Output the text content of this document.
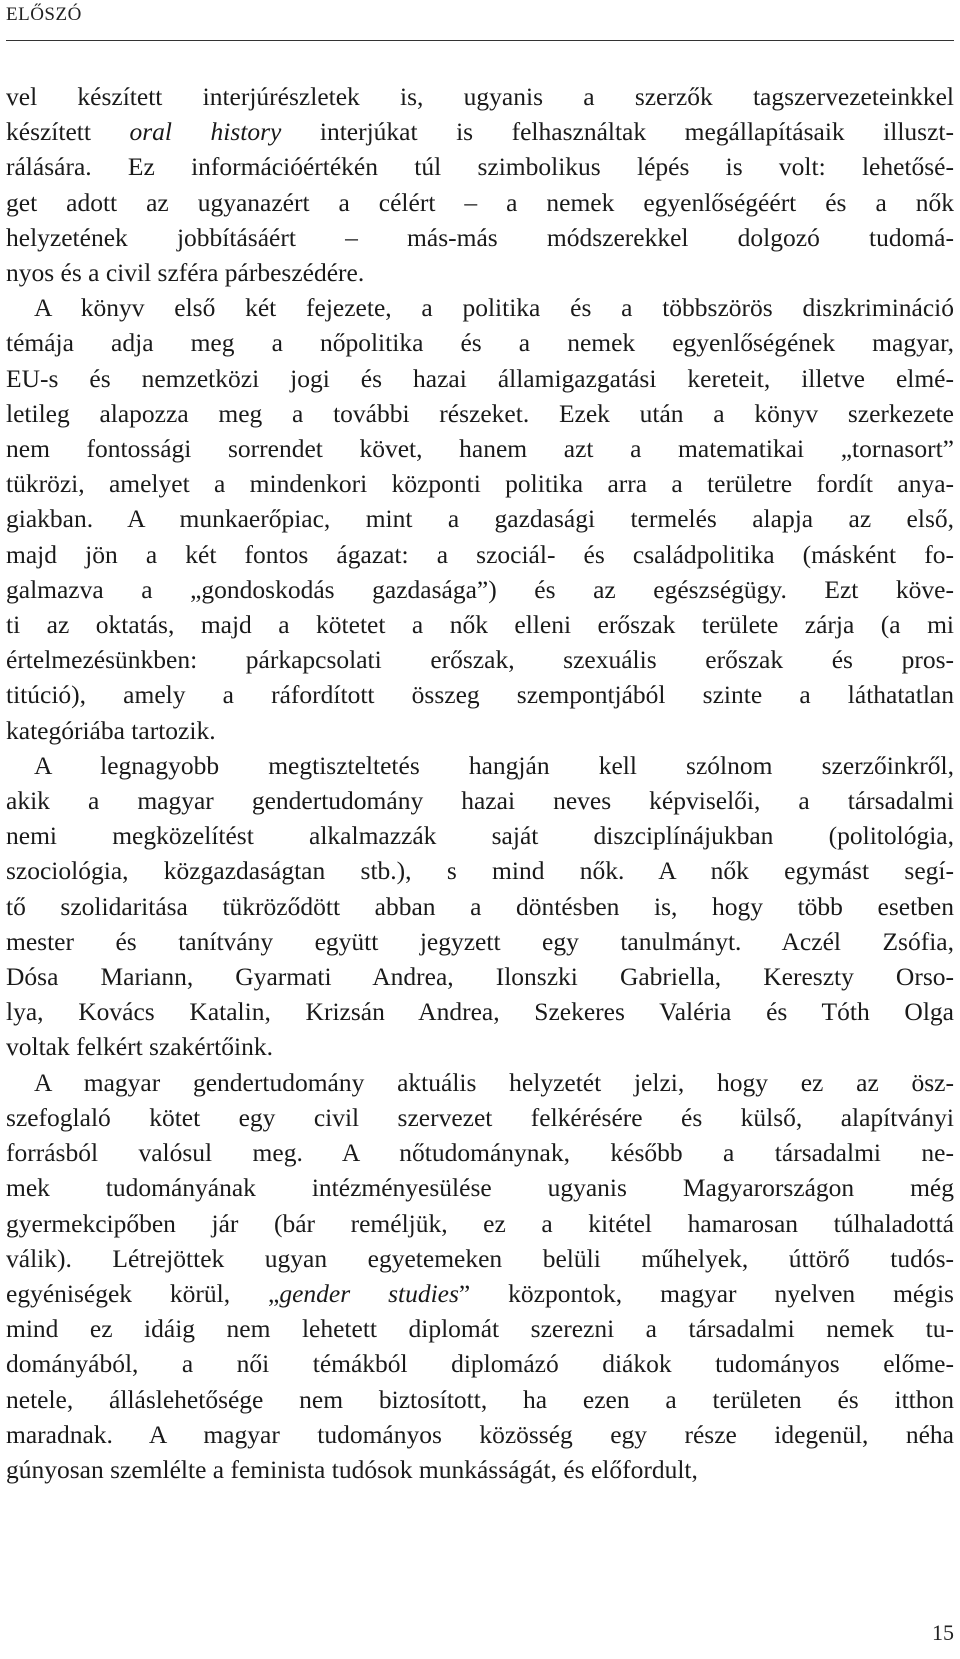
ELŐSZÓ
vel készített interjúrészletek is, ugyanis a szerzők tagszervezeteinkkel
készített oral history interjúkat is felhasználtak megállapításaik illuszt-
rálására. Ez információértékén túl szimbolikus lépés is volt: lehetősé-
get adott az ugyanazért a célért – a nemek egyenlőségéért és a nők
helyzetének jobbításáért – más-más módszerekkel dolgozó tudomá-
nyos és a civil szféra párbeszédére.
A könyv első két fejezete, a politika és a többszörös diszkrimináció
témája adja meg a nőpolitika és a nemek egyenlőségének magyar,
EU-s és nemzetközi jogi és hazai államigazgatási kereteit, illetve elmé-
letileg alapozza meg a további részeket. Ezek után a könyv szerkezete
nem fontossági sorrendet követ, hanem azt a matematikai „tornasort”
tükrözi, amelyet a mindenkori központi politika arra a területre fordít anya-
giakban. A munkaerőpiac, mint a gazdasági termelés alapja az első,
majd jön a két fontos ágazat: a szociál- és családpolitika (másként fo-
galmazva a „gondoskodás gazdasága”) és az egészségügy. Ezt köve-
ti az oktatás, majd a kötetet a nők elleni erőszak területe zárja (a mi
értelmezésünkben: párkapcsolati erőszak, szexuális erőszak és pros-
titúció), amely a ráfordított összeg szempontjából szinte a láthatatlan
kategóriába tartozik.
A legnagyobb megtiszteltetés hangján kell szólnom szerzőinkről,
akik a magyar gendertudomány hazai neves képviselői, a társadalmi
nemi megközelítést alkalmazzák saját diszciplínájukban (politológia,
szociológia, közgazdaságtan stb.), s mind nők. A nők egymást segí-
tő szolidaritása tükröződött abban a döntésben is, hogy több esetben
mester és tanítvány együtt jegyzett egy tanulmányt. Aczél Zsófia,
Dósa Mariann, Gyarmati Andrea, Ilonszki Gabriella, Kereszty Orso-
lya, Kovács Katalin, Krizsán Andrea, Szekeres Valéria és Tóth Olga
voltak felkért szakértőink.
A magyar gendertudomány aktuális helyzetét jelzi, hogy ez az ösz-
szefoglaló kötet egy civil szervezet felkérésére és külső, alapítványi
forrásból valósul meg. A nőtudománynak, később a társadalmi ne-
mek tudományának intézményesülése ugyanis Magyarországon még
gyermekcipőben jár (bár reméljük, ez a kitétel hamarosan túlhaladottá
válik). Létrejöttek ugyan egyetemeken belüli műhelyek, úttörő tudós-
egyéniségek körül, „gender studies” központok, magyar nyelven mégis
mind ez idáig nem lehetett diplomát szerezni a társadalmi nemek tu-
dományából, a női témákból diplomázó diákok tudományos előme-
netele, álláslehetősége nem biztosított, ha ezen a területen és itthon
maradnak. A magyar tudományos közösség egy része idegenül, néha
gúnyosan szemlélte a feminista tudósok munkásságát, és előfordult,
15
